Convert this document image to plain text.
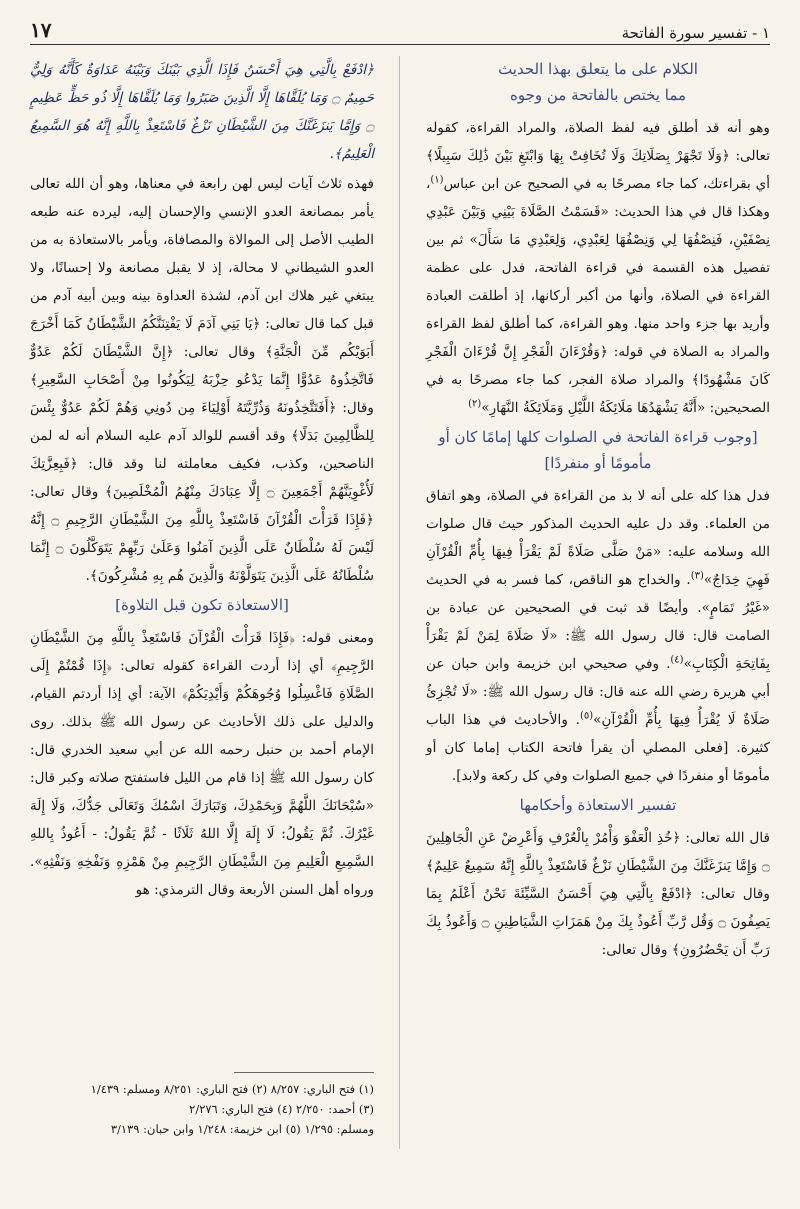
١ - تفسير سورة الفاتحة
١٧
الكلام على ما يتعلق بهذا الحديث
مما يختص بالفاتحة من وجوه

وهو أنه قد أطلق فيه لفظ الصلاة، والمراد القراءة، كقوله تعالى: ﴿وَلَا تَجْهَرْ بِصَلَاتِكَ وَلَا تُخَافِتْ بِهَا وَابْتَغِ بَيْنَ ذَٰلِكَ سَبِيلًا﴾ أي بقراءتك، كما جاء مصرحًا به في الصحيح عن ابن عباس$^{(١)}$، وهكذا قال في هذا الحديث: «قَسَمْتُ الصَّلَاةَ بَيْنِي وَبَيْنَ عَبْدِي نِصْفَيْنِ، فَنِصْفُهَا لِي وَنِصْفُهَا لِعَبْدِي، وَلِعَبْدِي مَا سَأَلَ» ثم بين تفصيل هذه القسمة في قراءة الفاتحة، فدل على عظمة القراءة في الصلاة، وأنها من أكبر أركانها، إذ أطلقت العبادة وأريد بها جزء واحد منها. وهو القراءة، كما أطلق لفظ القراءة والمراد به الصلاة في قوله: ﴿وَقُرْءَانَ الْفَجْرِ إِنَّ قُرْءَانَ الْفَجْرِ كَانَ مَشْهُودًا﴾ والمراد صلاة الفجر، كما جاء مصرحًا به في الصحيحين: «أَنَّهُ يَشْهَدُهَا مَلَائِكَةُ اللَّيْلِ وَمَلَائِكَةُ النَّهَارِ»$^{(٢)}$

[وجوب قراءة الفاتحة في الصلوات كلها إمامًا كان أو مأمومًا أو منفردًا]

فدل هذا كله على أنه لا بد من القراءة في الصلاة، وهو اتفاق من العلماء. وقد دل عليه الحديث المذكور حيث قال صلوات الله وسلامه عليه: «مَنْ صَلَّى صَلَاةً لَمْ يَقْرَأْ فِيهَا بِأُمِّ الْقُرْآنِ فَهِيَ خِدَاجٌ»$^{(٣)}$. والخداج هو الناقص، كما فسر به في الحديث «غَيْرُ تَمَامٍ». وأيضًا قد ثبت في الصحيحين عن عبادة بن الصامت قال: قال رسول الله ﷺ: «لَا صَلَاةَ لِمَنْ لَمْ يَقْرَأْ بِفَاتِحَةِ الْكِتَابِ»$^{(٤)}$. وفي صحيحي ابن خزيمة وابن حبان عن أبي هريرة رضي الله عنه قال: قال رسول الله ﷺ: «لَا تُجْزِئُ صَلَاةٌ لَا يُقْرَأُ فِيهَا بِأُمِّ الْقُرْآنِ»$^{(٥)}$. والأحاديث في هذا الباب كثيرة. [فعلى المصلي أن يقرأ فاتحة الكتاب إماما كان أو مأمومًا أو منفردًا في جميع الصلوات وفي كل ركعة ولابد].

تفسير الاستعاذة وأحكامها

قال الله تعالى: ﴿خُذِ الْعَفْوَ وَأْمُرْ بِالْعُرْفِ وَأَعْرِضْ عَنِ الْجَاهِلِينَ ۝ وَإِمَّا يَنزَغَنَّكَ مِنَ الشَّيْطَانِ نَزْغٌ فَاسْتَعِذْ بِاللَّهِ إِنَّهُ سَمِيعٌ عَلِيمٌ﴾ وقال تعالى: ﴿ادْفَعْ بِالَّتِي هِيَ أَحْسَنُ السَّيِّئَةَ نَحْنُ أَعْلَمُ بِمَا يَصِفُونَ ۝ وَقُل رَّبِّ أَعُوذُ بِكَ مِنْ هَمَزَاتِ الشَّيَاطِينِ ۝ وَأَعُوذُ بِكَ رَبِّ أَن يَحْضُرُونِ﴾ وقال تعالى:

﴿ادْفَعْ بِالَّتِي هِيَ أَحْسَنُ فَإِذَا الَّذِي بَيْنَكَ وَبَيْنَهُ عَدَاوَةٌ كَأَنَّهُ وَلِيٌّ حَمِيمٌ ۝ وَمَا يُلَقَّاهَا إِلَّا الَّذِينَ صَبَرُوا وَمَا يُلَقَّاهَا إِلَّا ذُو حَظٍّ عَظِيمٍ ۝ وَإِمَّا يَنزَغَنَّكَ مِنَ الشَّيْطَانِ نَزْغٌ فَاسْتَعِذْ بِاللَّهِ إِنَّهُ هُوَ السَّمِيعُ الْعَلِيمُ﴾.

فهذه ثلاث آيات ليس لهن رابعة في معناها، وهو أن الله تعالى يأمر بمصانعة العدو الإنسي والإحسان إليه، ليرده عنه طبعه الطيب الأصل إلى الموالاة والمصافاة، ويأمر بالاستعاذة به من العدو الشيطاني لا محالة، إذ لا يقبل مصانعة ولا إحسانًا، ولا يبتغي غير هلاك ابن آدم، لشدة العداوة بينه وبين أبيه آدم من قبل كما قال تعالى: ﴿يَا بَنِي آدَمَ لَا يَفْتِنَنَّكُمُ الشَّيْطَانُ كَمَا أَخْرَجَ أَبَوَيْكُم مِّنَ الْجَنَّةِ﴾ وقال تعالى: ﴿إِنَّ الشَّيْطَانَ لَكُمْ عَدُوٌّ فَاتَّخِذُوهُ عَدُوًّا إِنَّمَا يَدْعُو حِزْبَهُ لِيَكُونُوا مِنْ أَصْحَابِ السَّعِيرِ﴾ وقال: ﴿أَفَتَتَّخِذُونَهُ وَذُرِّيَّتَهُ أَوْلِيَاءَ مِن دُونِي وَهُمْ لَكُمْ عَدُوٌّ بِئْسَ لِلظَّالِمِينَ بَدَلًا﴾ وقد أقسم للوالد آدم عليه السلام أنه له لمن الناصحين، وكذب، فكيف معاملته لنا وقد قال: ﴿فَبِعِزَّتِكَ لَأُغْوِيَنَّهُمْ أَجْمَعِينَ ۝ إِلَّا عِبَادَكَ مِنْهُمُ الْمُخْلَصِينَ﴾ وقال تعالى: ﴿فَإِذَا قَرَأْتَ الْقُرْآنَ فَاسْتَعِذْ بِاللَّهِ مِنَ الشَّيْطَانِ الرَّجِيمِ ۝ إِنَّهُ لَيْسَ لَهُ سُلْطَانٌ عَلَى الَّذِينَ آمَنُوا وَعَلَىٰ رَبِّهِمْ يَتَوَكَّلُونَ ۝ إِنَّمَا سُلْطَانُهُ عَلَى الَّذِينَ يَتَوَلَّوْنَهُ وَالَّذِينَ هُم بِهِ مُشْرِكُونَ﴾.

[الاستعاذة تكون قبل التلاوة]

ومعنى قوله: ﴿فَإِذَا قَرَأْتَ الْقُرْآنَ فَاسْتَعِذْ بِاللَّهِ مِنَ الشَّيْطَانِ الرَّجِيمِ﴾ أي إذا أردت القراءة كقوله تعالى: ﴿إِذَا قُمْتُمْ إِلَى الصَّلَاةِ فَاغْسِلُوا وُجُوهَكُمْ وَأَيْدِيَكُمْ﴾ الآية: أي إذا أردتم القيام، والدليل على ذلك الأحاديث عن رسول الله ﷺ بذلك. روى الإمام أحمد بن حنبل رحمه الله عن أبي سعيد الخدري قال: كان رسول الله ﷺ إذا قام من الليل فاستفتح صلاته وكبر قال: «سُبْحَانَكَ اللَّهُمَّ وَبِحَمْدِكَ، وَتَبَارَكَ اسْمُكَ وَتَعَالَى جَدُّكَ، وَلَا إِلَهَ غَيْرُكَ. ثُمَّ يَقُولُ: لَا إِلَهَ إِلَّا اللهُ ثَلَاثًا - ثُمَّ يَقُولُ: - أَعُوذُ بِاللهِ السَّمِيعِ الْعَلِيمِ مِنَ الشَّيْطَانِ الرَّجِيمِ مِنْ هَمْزِهِ وَنَفْخِهِ وَنَفْثِهِ». ورواه أهل السنن الأربعة وقال الترمذي: هو

(١) فتح الباري: ٨/٢٥٧ (٢) فتح الباري: ٨/٢٥١ ومسلم: ١/٤٣٩

(٣) أحمد: ٢/٢٥٠ (٤) فتح الباري: ٢/٢٧٦

ومسلم: ١/٢٩٥ (٥) ابن خزيمة: ١/٢٤٨ وابن حبان: ٣/١٣٩
